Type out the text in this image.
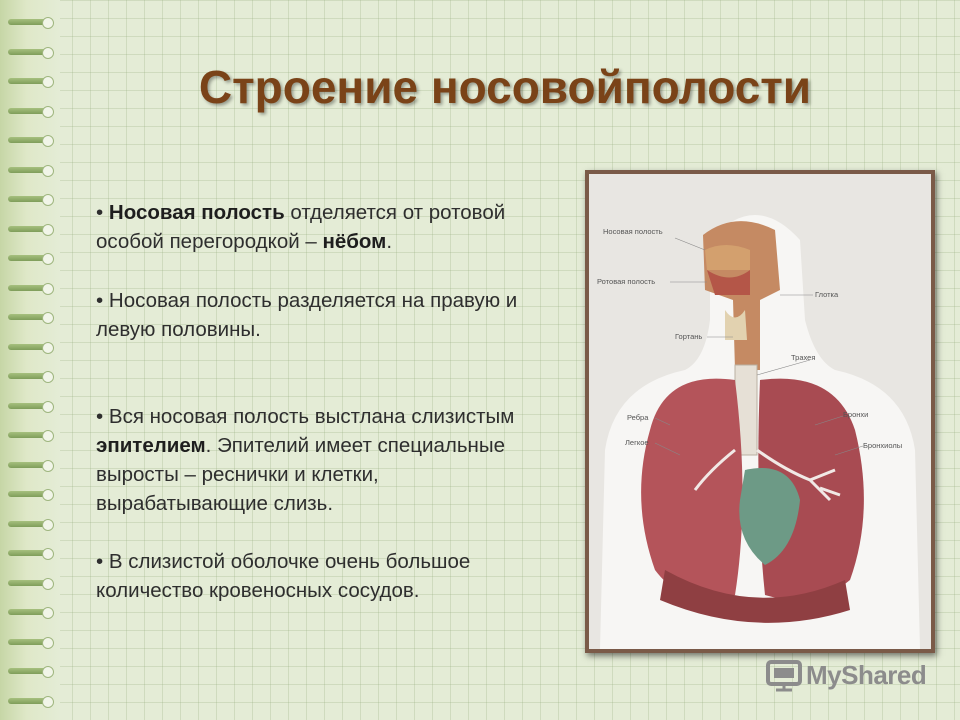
Строение носовойполости

• Носовая полость отделяется от ротовой особой перегородкой – нёбом.

• Носовая полость разделяется на правую и левую половины.

• Вся носовая полость выстлана слизистым эпителием. Эпителий имеет специальные выросты – реснички и клетки, вырабатывающие слизь.

• В слизистой оболочке очень большое количество кровеносных сосудов.

Носовая полость
Ротовая полость
Глотка
Гортань
Трахея
Ребра	Бронхи
Легкое	Бронхиолы
MyShared
